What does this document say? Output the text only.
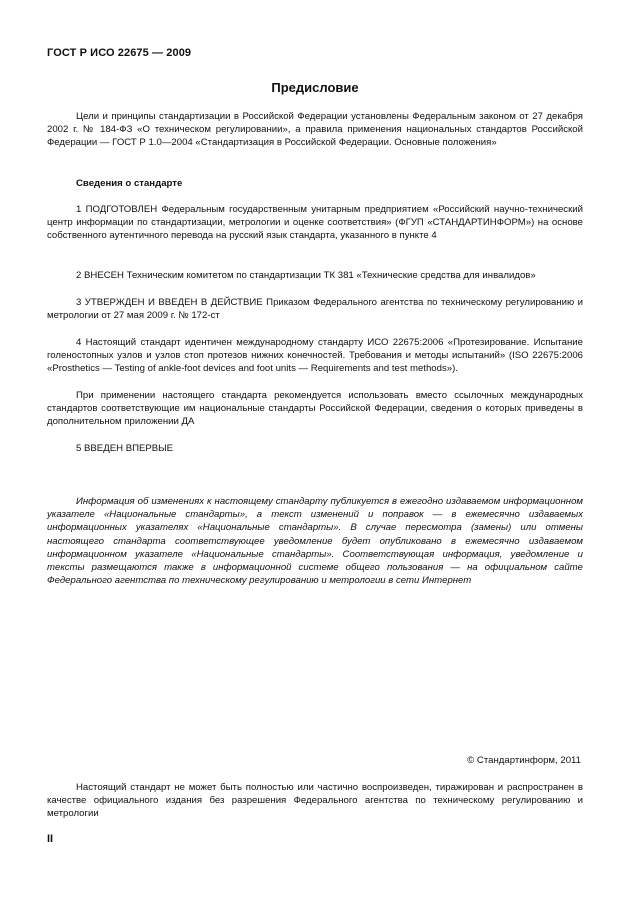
ГОСТ Р ИСО 22675 — 2009
Предисловие

Цели и принципы стандартизации в Российской Федерации установлены Федеральным законом от 27 декабря 2002 г. № 184-ФЗ «О техническом регулировании», а правила применения национальных стандартов Российской Федерации — ГОСТ Р 1.0—2004 «Стандартизация в Российской Федерации. Основные положения»

Сведения о стандарте

1 ПОДГОТОВЛЕН Федеральным государственным унитарным предприятием «Российский научно-технический центр информации по стандартизации, метрологии и оценке соответствия» (ФГУП «СТАНДАРТИНФОРМ») на основе собственного аутентичного перевода на русский язык стандарта, указанного в пункте 4

2 ВНЕСЕН Техническим комитетом по стандартизации ТК 381 «Технические средства для инвалидов»

3 УТВЕРЖДЕН И ВВЕДЕН В ДЕЙСТВИЕ Приказом Федерального агентства по техническому регулированию и метрологии от 27 мая 2009 г. № 172-ст

4 Настоящий стандарт идентичен международному стандарту ИСО 22675:2006 «Протезирование. Испытание голеностопных узлов и узлов стоп протезов нижних конечностей. Требования и методы испытаний» (ISO 22675:2006 «Prosthetics — Testing of ankle-foot devices and foot units — Requirements and test methods»).

При применении настоящего стандарта рекомендуется использовать вместо ссылочных международных стандартов соответствующие им национальные стандарты Российской Федерации, сведения о которых приведены в дополнительном приложении ДА

5 ВВЕДЕН ВПЕРВЫЕ

Информация об изменениях к настоящему стандарту публикуется в ежегодно издаваемом информационном указателе «Национальные стандарты», а текст изменений и поправок — в ежемесячно издаваемых информационных указателях «Национальные стандарты». В случае пересмотра (замены) или отмены настоящего стандарта соответствующее уведомление будет опубликовано в ежемесячно издаваемом информационном указателе «Национальные стандарты». Соответствующая информация, уведомление и тексты размещаются также в информационной системе общего пользования — на официальном сайте Федерального агентства по техническому регулированию и метрологии в сети Интернет

© Стандартинформ, 2011

Настоящий стандарт не может быть полностью или частично воспроизведен, тиражирован и распространен в качестве официального издания без разрешения Федерального агентства по техническому регулированию и метрологии

II
